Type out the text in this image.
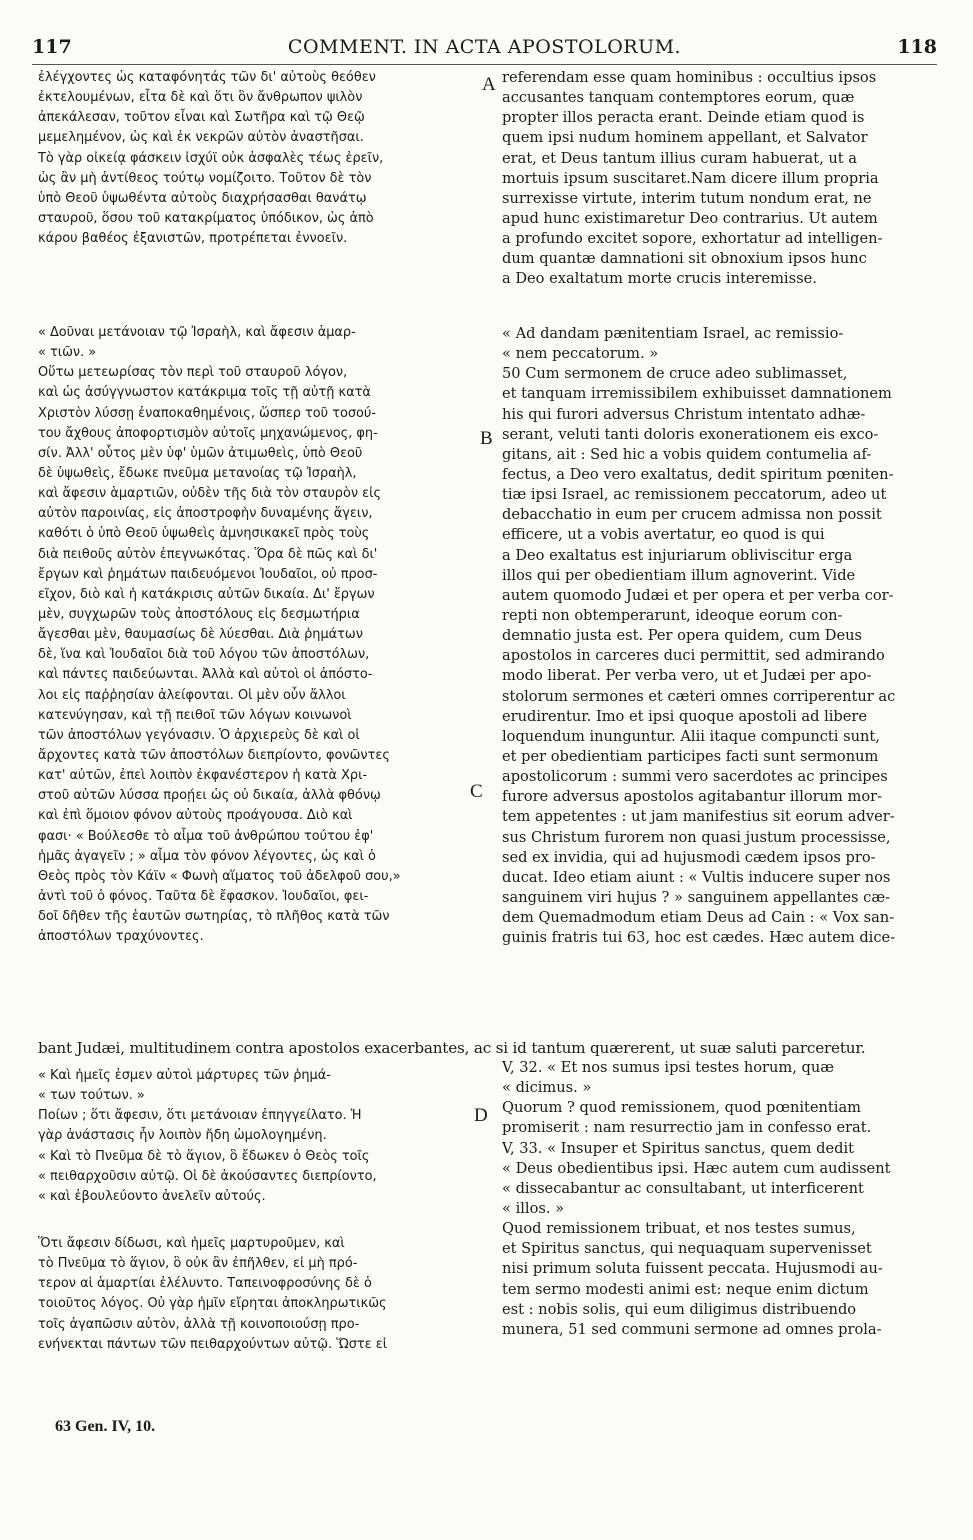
117	COMMENT. IN ACTA APOSTOLORUM.	118
ἐλέγχοντες ὡς καταφόνητάς τῶν δι' αὐτοὺς θεόθεν
ἐκτελουμένων, εἶτα δὲ καὶ ὅτι ὃν ἄνθρωπον ψιλὸν
ἀπεκάλεσαν, τοῦτον εἶναι καὶ Σωτῆρα καὶ τῷ Θεῷ
μεμελημένον, ὡς καὶ ἐκ νεκρῶν αὐτὸν ἀναστῆσαι.
Τὸ γὰρ οἰκείᾳ φάσκειν ἰσχύϊ οὐκ ἀσφαλὲς τέως ἐρεῖν,
ὡς ἂν μὴ ἀντίθεος τούτῳ νομίζοιτο. Τοῦτον δὲ τὸν
ὑπὸ Θεοῦ ὑψωθέντα αὐτοὺς διαχρήσασθαι θανάτῳ
σταυροῦ, ὅσου τοῦ κατακρίματος ὑπόδικον, ὡς ἀπὸ
κάρου βαθέος ἐξανιστῶν, προτρέπεται ἐννοεῖν.
« Δοῦναι μετάνοιαν τῷ Ἰσραὴλ, καὶ ἄφεσιν ἁμαρ-
« τιῶν. »
Οὕτω μετεωρίσας τὸν περὶ τοῦ σταυροῦ λόγον,
καὶ ὡς ἀσύγγνωστον κατάκριμα τοῖς τῇ αὐτῇ κατὰ
Χριστὸν λύσσῃ ἐναποκαθημένοις, ὥσπερ τοῦ τοσού-
του ἄχθους ἀποφορτισμὸν αὐτοῖς μηχανώμενος, φη-
σίν. Ἀλλ' οὗτος μὲν ὑφ' ὑμῶν ἀτιμωθεὶς, ὑπὸ Θεοῦ
δὲ ὑψωθεὶς, ἔδωκε πνεῦμα μετανοίας τῷ Ἰσραὴλ,
καὶ ἄφεσιν ἁμαρτιῶν, οὐδὲν τῆς διὰ τὸν σταυρὸν εἰς
αὐτὸν παροινίας, εἰς ἀποστροφὴν δυναμένης ἄγειν,
καθότι ὁ ὑπὸ Θεοῦ ὑψωθεὶς ἀμνησικακεῖ πρὸς τοὺς
διὰ πειθοῦς αὐτὸν ἐπεγνωκότας. Ὅρα δὲ πῶς καὶ δι'
ἔργων καὶ ῥημάτων παιδευόμενοι Ἰουδαῖοι, οὐ προσ-
εῖχον, διὸ καὶ ἡ κατάκρισις αὐτῶν δικαία. Δι' ἔργων
μὲν, συγχωρῶν τοὺς ἀποστόλους εἰς δεσμωτήρια
ἄγεσθαι μὲν, θαυμασίως δὲ λύεσθαι. Διὰ ῥημάτων
δὲ, ἵνα καὶ Ἰουδαῖοι διὰ τοῦ λόγου τῶν ἀποστόλων,
καὶ πάντες παιδεύωνται. Ἀλλὰ καὶ αὐτοὶ οἱ ἀπόστο-
λοι εἰς παῤῥησίαν ἀλείφονται. Οἱ μὲν οὖν ἄλλοι
κατενύγησαν, καὶ τῇ πειθοῖ τῶν λόγων κοινωνοὶ
τῶν ἀποστόλων γεγόνασιν. Ὁ ἀρχιερεὺς δὲ καὶ οἱ
ἄρχοντες κατὰ τῶν ἀποστόλων διεπρίοντο, φονῶντες
κατ' αὐτῶν, ἐπεὶ λοιπὸν ἐκφανέστερον ἡ κατὰ Χρι-
στοῦ αὐτῶν λύσσα προῄει ὡς οὐ δικαία, ἀλλὰ φθόνῳ
καὶ ἐπὶ ὅμοιον φόνον αὐτοὺς προάγουσα. Διὸ καὶ
φασι· « Βούλεσθε τὸ αἷμα τοῦ ἀνθρώπου τούτου ἐφ'
ἡμᾶς ἀγαγεῖν ; » αἷμα τὸν φόνον λέγοντες, ὡς καὶ ὁ
Θεὸς πρὸς τὸν Κάϊν « Φωνὴ αἵματος τοῦ ἀδελφοῦ σου,»
ἀντὶ τοῦ ὁ φόνος. Ταῦτα δὲ ἔφασκον. Ἰουδαῖοι, φει-
δοῖ δῆθεν τῆς ἑαυτῶν σωτηρίας, τὸ πλῆθος κατὰ τῶν
ἀποστόλων τραχύνοντες.
« Καὶ ἡμεῖς ἐσμεν αὐτοὶ μάρτυρες τῶν ῥημά-
« των τούτων. »
Ποίων ; ὅτι ἄφεσιν, ὅτι μετάνοιαν ἐπηγγείλατο. Ἡ
γὰρ ἀνάστασις ἦν λοιπὸν ἤδη ὡμολογημένη.
« Καὶ τὸ Πνεῦμα δὲ τὸ ἅγιον, ὃ ἔδωκεν ὁ Θεὸς τοῖς
« πειθαρχοῦσιν αὐτῷ. Οἱ δὲ ἀκούσαντες διεπρίοντο,
« καὶ ἐβουλεύοντο ἀνελεῖν αὐτούς.
Ὅτι ἄφεσιν δίδωσι, καὶ ἡμεῖς μαρτυροῦμεν, καὶ
τὸ Πνεῦμα τὸ ἅγιον, ὃ οὐκ ἂν ἐπῆλθεν, εἰ μὴ πρό-
τερον αἱ ἁμαρτίαι ἐλέλυντο. Ταπεινοφροσύνης δὲ ὁ
τοιοῦτος λόγος. Οὐ γὰρ ἡμῖν εἴρηται ἀποκληρωτικῶς
τοῖς ἀγαπῶσιν αὐτὸν, ἀλλὰ τῇ κοινοποιούσῃ προ-
ενήνεκται πάντων τῶν πειθαρχούντων αὐτῷ. Ὥστε εἰ
referendam esse quam hominibus : occultius ipsos
accusantes tanquam contemptores eorum, quæ
propter illos peracta erant. Deinde etiam quod is
quem ipsi nudum hominem appellant, et Salvator
erat, et Deus tantum illius curam habuerat, ut a
mortuis ipsum suscitaret.Nam dicere illum propria
surrexisse virtute, interim tutum nondum erat, ne
apud hunc existimaretur Deo contrarius. Ut autem
a profundo excitet sopore, exhortatur ad intelligen-
dum quantæ damnationi sit obnoxium ipsos hunc
a Deo exaltatum morte crucis interemisse.
« Ad dandam pænitentiam Israel, ac remissio-
« nem peccatorum. »
50 Cum sermonem de cruce adeo sublimasset,
et tanquam irremissibilem exhibuisset damnationem
his qui furori adversus Christum intentato adhæ-
serant, veluti tanti doloris exonerationem eis exco-
gitans, ait : Sed hic a vobis quidem contumelia af-
fectus, a Deo vero exaltatus, dedit spiritum pœniten-
tiæ ipsi Israel, ac remissionem peccatorum, adeo ut
debacchatio in eum per crucem admissa non possit
efficere, ut a vobis avertatur, eo quod is qui
a Deo exaltatus est injuriarum obliviscitur erga
illos qui per obedientiam illum agnoverint. Vide
autem quomodo Judæi et per opera et per verba cor-
repti non obtemperarunt, ideoque eorum con-
demnatio justa est. Per opera quidem, cum Deus
apostolos in carceres duci permittit, sed admirando
modo liberat. Per verba vero, ut et Judæi per apo-
stolorum sermones et cæteri omnes corriperentur ac
erudirentur. Imo et ipsi quoque apostoli ad libere
loquendum inunguntur. Alii itaque compuncti sunt,
et per obedientiam participes facti sunt sermonum
apostolicorum : summi vero sacerdotes ac principes
furore adversus apostolos agitabantur illorum mor-
tem appetentes : ut jam manifestius sit eorum adver-
sus Christum furorem non quasi justum processisse,
sed ex invidia, qui ad hujusmodi cædem ipsos pro-
ducat. Ideo etiam aiunt : « Vultis inducere super nos
sanguinem viri hujus ? » sanguinem appellantes cæ-
dem Quemadmodum etiam Deus ad Cain : « Vox san-
guinis fratris tui 63, hoc est cædes. Hæc autem dice-
V, 32. « Et nos sumus ipsi testes horum, quæ
« dicimus. »
Quorum ? quod remissionem, quod pœnitentiam
promiserit : nam resurrectio jam in confesso erat.
V, 33. « Insuper et Spiritus sanctus, quem dedit
« Deus obedientibus ipsi. Hæc autem cum audissent
« dissecabantur ac consultabant, ut interficerent
« illos. »
Quod remissionem tribuat, et nos testes sumus,
et Spiritus sanctus, qui nequaquam supervenisset
nisi primum soluta fuissent peccata. Hujusmodi au-
tem sermo modesti animi est: neque enim dictum
est : nobis solis, qui eum diligimus distribuendo
munera, 51 sed communi sermone ad omnes prola-
bant Judæi, multitudinem contra apostolos exacerbantes, ac si id tantum quærerent, ut suæ saluti parceretur.
A
B
C
D
63 Gen. IV, 10.
